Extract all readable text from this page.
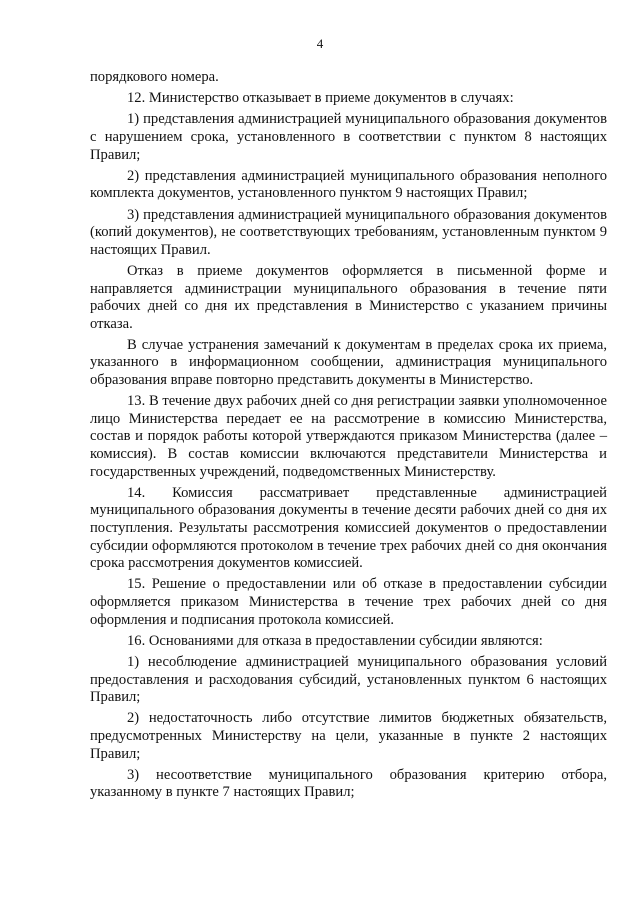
4

порядкового номера.

12. Министерство отказывает в приеме документов в случаях:

1) представления администрацией муниципального образования документов с нарушением срока, установленного в соответствии с пунктом 8 настоящих Правил;

2) представления администрацией муниципального образования неполного комплекта документов, установленного пунктом 9 настоящих Правил;

3) представления администрацией муниципального образования документов (копий документов), не соответствующих требованиям, установленным пунктом 9 настоящих Правил.

Отказ в приеме документов оформляется в письменной форме и направляется администрации муниципального образования в течение пяти рабочих дней со дня их представления в Министерство с указанием причины отказа.

В случае устранения замечаний к документам в пределах срока их приема, указанного в информационном сообщении, администрация муниципального образования вправе повторно представить документы в Министерство.

13. В течение двух рабочих дней со дня регистрации заявки уполномоченное лицо Министерства передает ее на рассмотрение в комиссию Министерства, состав и порядок работы которой утверждаются приказом Министерства (далее – комиссия). В состав комиссии включаются представители Министерства и государственных учреждений, подведомственных Министерству.

14. Комиссия рассматривает представленные администрацией муниципального образования документы в течение десяти рабочих дней со дня их поступления. Результаты рассмотрения комиссией документов о предоставлении субсидии оформляются протоколом в течение трех рабочих дней со дня окончания срока рассмотрения документов комиссией.

15. Решение о предоставлении или об отказе в предоставлении субсидии оформляется приказом Министерства в течение трех рабочих дней со дня оформления и подписания протокола комиссией.

16. Основаниями для отказа в предоставлении субсидии являются:

1) несоблюдение администрацией муниципального образования условий предоставления и расходования субсидий, установленных пунктом 6 настоящих Правил;

2) недостаточность либо отсутствие лимитов бюджетных обязательств, предусмотренных Министерству на цели, указанные в пункте 2 настоящих Правил;

3) несоответствие муниципального образования критерию отбора, указанному в пункте 7 настоящих Правил;
